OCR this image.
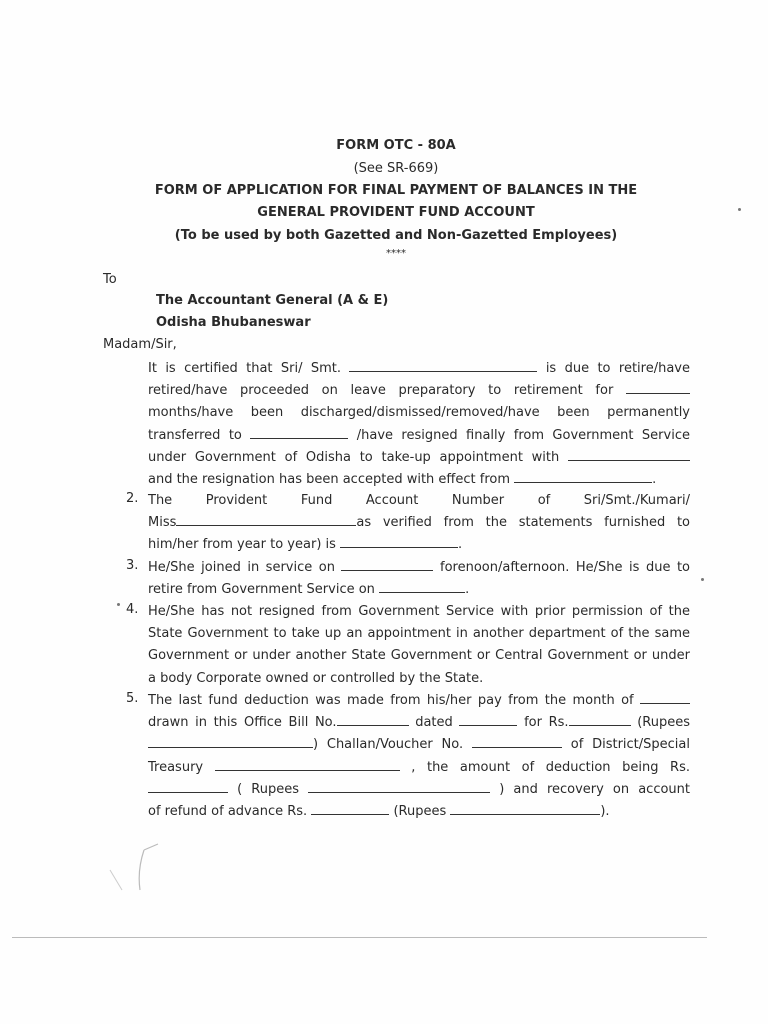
FORM OTC - 80A
(See SR-669)
FORM OF APPLICATION FOR FINAL PAYMENT OF BALANCES IN THE
GENERAL PROVIDENT FUND ACCOUNT
(To be used by both Gazetted and Non-Gazetted Employees)
****
To
The Accountant General (A & E)
Odisha Bhubaneswar
Madam/Sir,
It is certified that Sri/ Smt.	is due to retire/have
retired/have proceeded on leave preparatory to retirement for
months/have been discharged/dismissed/removed/have been permanently
transferred to	/have resigned finally from Government Service
under Government of Odisha to take-up appointment with
and the resignation has been accepted with effect from	.
2. The Provident Fund Account Number of Sri/Smt./Kumari/
Miss	as verified from the statements furnished to
him/her from year to year) is	.
3. He/She joined in service on	forenoon/afternoon. He/She is due to
retire from Government Service on	.
4. He/She has not resigned from Government Service with prior permission of the
State Government to take up an appointment in another department of the same
Government or under another State Government or Central Government or under
a body Corporate owned or controlled by the State.
5. The last fund deduction was made from his/her pay from the month of
drawn in this Office Bill No.	dated	for Rs.	(Rupees
) Challan/Voucher No.	of District/Special
Treasury	, the amount of deduction being Rs.
( Rupees	) and recovery on account
of refund of advance Rs.	(Rupees	).
